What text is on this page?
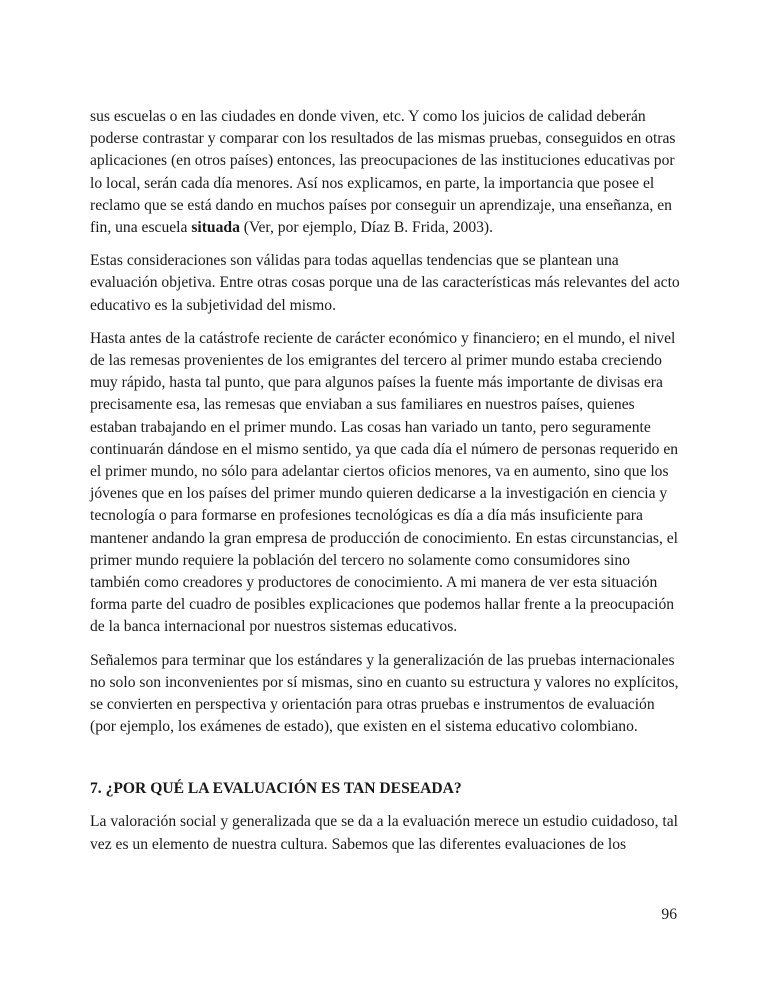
sus escuelas o en las ciudades en donde viven, etc. Y como los juicios de calidad deberán poderse contrastar y comparar con los resultados de las mismas pruebas, conseguidos en otras aplicaciones (en otros países) entonces, las preocupaciones de las instituciones educativas por lo local, serán cada día menores. Así nos explicamos, en parte, la importancia que posee el reclamo que se está dando en muchos países por conseguir un aprendizaje, una enseñanza, en fin, una escuela situada (Ver, por ejemplo, Díaz B. Frida, 2003).

Estas consideraciones son válidas para todas aquellas tendencias que se plantean una evaluación objetiva. Entre otras cosas porque una de las características más relevantes del acto educativo es la subjetividad del mismo.

Hasta antes de la catástrofe reciente de carácter económico y financiero; en el mundo, el nivel de las remesas provenientes de los emigrantes del tercero al primer mundo estaba creciendo muy rápido, hasta tal punto, que para algunos países la fuente más importante de divisas era precisamente esa, las remesas que enviaban a sus familiares en nuestros países, quienes estaban trabajando en el primer mundo. Las cosas han variado un tanto, pero seguramente continuarán dándose en el mismo sentido, ya que cada día el número de personas requerido en el primer mundo, no sólo para adelantar ciertos oficios menores, va en aumento, sino que los jóvenes que en los países del primer mundo quieren dedicarse a la investigación en ciencia y tecnología o para formarse en profesiones tecnológicas es día a día más insuficiente para mantener andando la gran empresa de producción de conocimiento. En estas circunstancias, el primer mundo requiere la población del tercero no solamente como consumidores sino también como creadores y productores de conocimiento. A mi manera de ver esta situación forma parte del cuadro de posibles explicaciones que podemos hallar frente a la preocupación de la banca internacional por nuestros sistemas educativos.

Señalemos para terminar que los estándares y la generalización de las pruebas internacionales no solo son inconvenientes por sí mismas, sino en cuanto su estructura y valores no explícitos, se convierten en perspectiva y orientación para otras pruebas e instrumentos de evaluación (por ejemplo, los exámenes de estado), que existen en el sistema educativo colombiano.

7. ¿POR QUÉ LA EVALUACIÓN ES TAN DESEADA?

La valoración social y generalizada que se da a la evaluación merece un estudio cuidadoso, tal vez es un elemento de nuestra cultura. Sabemos que las diferentes evaluaciones de los

96
